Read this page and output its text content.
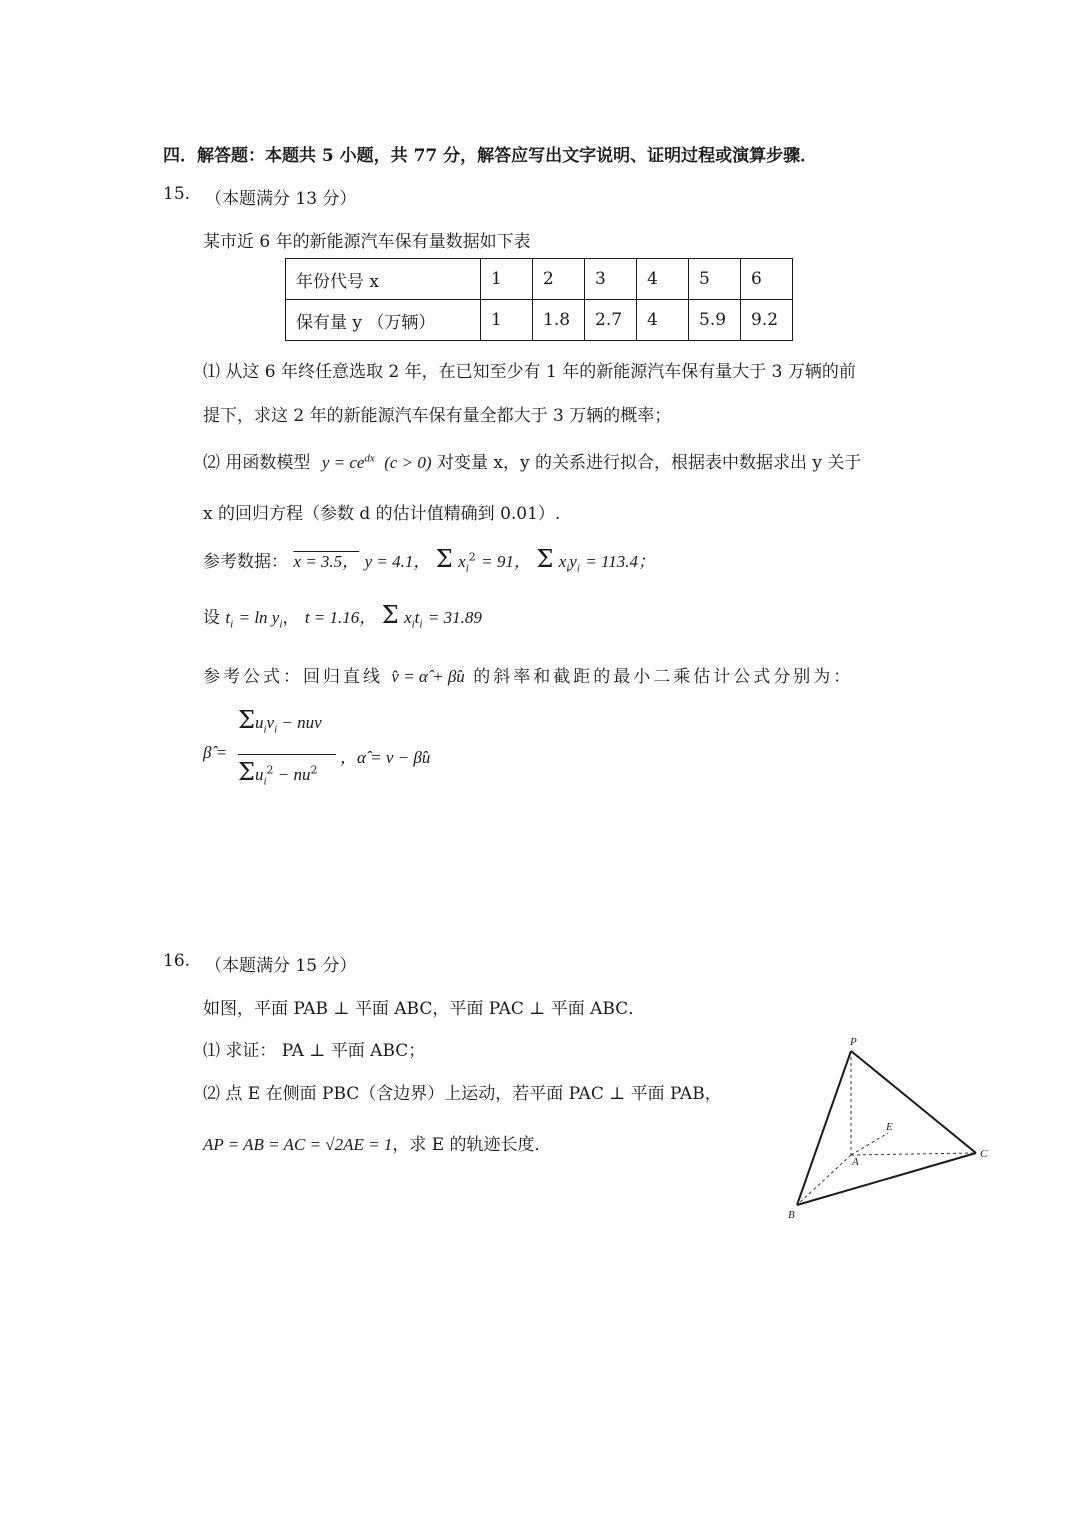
四．解答题：本题共 5 小题，共 77 分，解答应写出文字说明、证明过程或演算步骤．
15. （本题满分 13 分）
某市近 6 年的新能源汽车保有量数据如下表
年份代号 x	1	2	3	4	5	6
保有量 y （万辆）	1	1.8	2.7	4	5.9	9.2
⑴ 从这 6 年终任意选取 2 年，在已知至少有 1 年的新能源汽车保有量大于 3 万辆的前
提下，求这 2 年的新能源汽车保有量全都大于 3 万辆的概率；
⑵ 用函数模型 $y = ce^{dx}$ (c > 0) 对变量 x，y 的关系进行拟合，根据表中数据求出 y 关于
x 的回归方程（参数 d 的估计值精确到 0.01）.
参考数据： x = 3.5， y = 4.1， Σ $x_i^2 = 91$， Σ $x_iy_i = 113.4$；
设 $t_i = \ln y_i$， t = 1.16， Σ $x_it_i = 31.89$
参考公式：回归直线 v̂ = α̂ + β̂u 的斜率和截距的最小二乘估计公式分别为：
β̂ =
$\Sigma u_iv_i$ − nuv
$\Sigma u_i^2 - nu^2$
，α̂ = v − β̂u
16. （本题满分 15 分）
如图，平面 PAB ⊥ 平面 ABC，平面 PAC ⊥ 平面 ABC．
⑴ 求证： PA ⊥ 平面 ABC；
⑵ 点 E 在侧面 PBC（含边界）上运动，若平面 PAC ⊥ 平面 PAB，
AP = AB = AC = √2AE = 1，求 E 的轨迹长度．
P
E
A
B
C
